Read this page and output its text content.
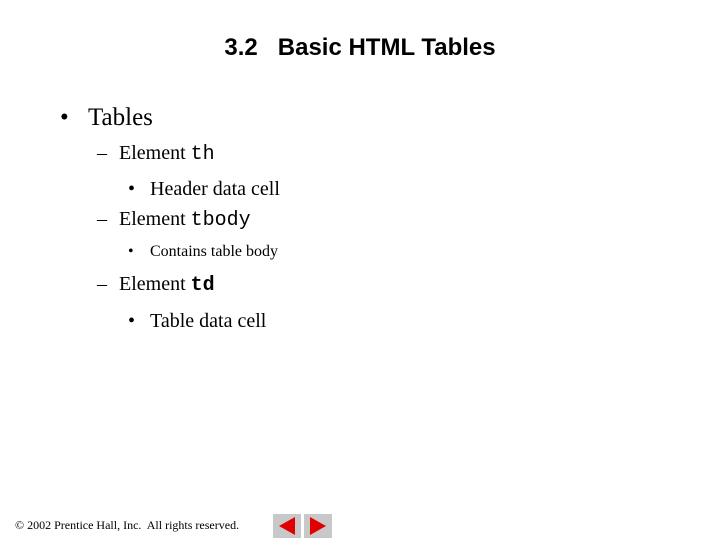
3.2   Basic HTML Tables
• Tables
– Element th
• Header data cell
– Element tbody
• Contains table body
– Element td
• Table data cell
© 2002 Prentice Hall, Inc.  All rights reserved.
